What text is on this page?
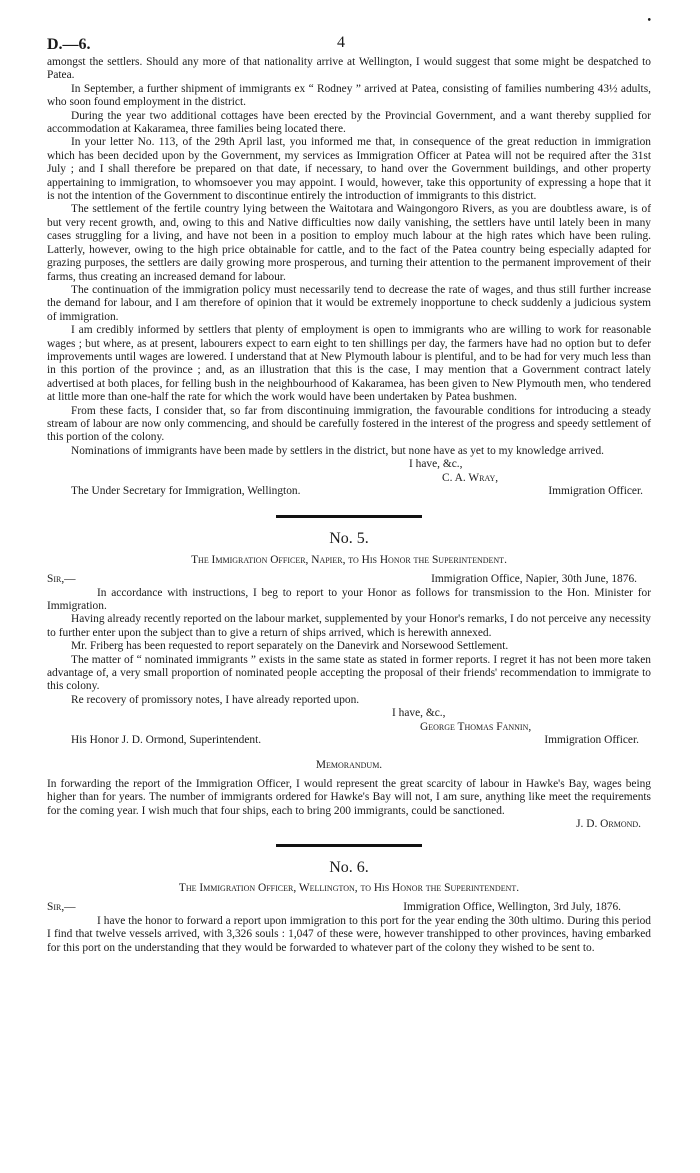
D.—6.	4
•

amongst the settlers. Should any more of that nationality arrive at Wellington, I would suggest that some might be despatched to Patea.

In September, a further shipment of immigrants ex “ Rodney ” arrived at Patea, consisting of families numbering 43½ adults, who soon found employment in the district.

During the year two additional cottages have been erected by the Provincial Government, and a want thereby supplied for accommodation at Kakaramea, three families being located there.

In your letter No. 113, of the 29th April last, you informed me that, in consequence of the great reduction in immigration which has been decided upon by the Government, my services as Immigration Officer at Patea will not be required after the 31st July ; and I shall therefore be prepared on that date, if necessary, to hand over the Government buildings, and other property appertaining to immigration, to whomsoever you may appoint. I would, however, take this opportunity of expressing a hope that it is not the intention of the Government to discontinue entirely the introduction of immigrants to this district.

The settlement of the fertile country lying between the Waitotara and Waingongoro Rivers, as you are doubtless aware, is of but very recent growth, and, owing to this and Native difficulties now daily vanishing, the settlers have until lately been in many cases struggling for a living, and have not been in a position to employ much labour at the high rates which have been ruling. Latterly, however, owing to the high price obtainable for cattle, and to the fact of the Patea country being especially adapted for grazing purposes, the settlers are daily growing more prosperous, and turning their attention to the permanent improvement of their farms, thus creating an increased demand for labour.

The continuation of the immigration policy must necessarily tend to decrease the rate of wages, and thus still further increase the demand for labour, and I am therefore of opinion that it would be extremely inopportune to check suddenly a judicious system of immigration.

I am credibly informed by settlers that plenty of employment is open to immigrants who are willing to work for reasonable wages ; but where, as at present, labourers expect to earn eight to ten shillings per day, the farmers have had no option but to defer improvements until wages are lowered. I understand that at New Plymouth labour is plentiful, and to be had for very much less than in this portion of the province ; and, as an illustration that this is the case, I may mention that a Government contract lately advertised at both places, for felling bush in the neighbourhood of Kakaramea, has been given to New Plymouth men, who tendered at little more than one-half the rate for which the work would have been undertaken by Patea bushmen.

From these facts, I consider that, so far from discontinuing immigration, the favourable conditions for introducing a steady stream of labour are now only commencing, and should be carefully fostered in the interest of the progress and speedy settlement of this portion of the colony.

Nominations of immigrants have been made by settlers in the district, but none have as yet to my knowledge arrived.

I have, &c.,
C. A. Wray,
The Under Secretary for Immigration, Wellington.	Immigration Officer.
No. 5.
The Immigration Officer, Napier, to His Honor the Superintendent.
Sir,—	Immigration Office, Napier, 30th June, 1876.

In accordance with instructions, I beg to report to your Honor as follows for transmission to the Hon. Minister for Immigration.

Having already recently reported on the labour market, supplemented by your Honor's remarks, I do not perceive any necessity to further enter upon the subject than to give a return of ships arrived, which is herewith annexed.

Mr. Friberg has been requested to report separately on the Danevirk and Norsewood Settlement.

The matter of “ nominated immigrants ” exists in the same state as stated in former reports. I regret it has not been more taken advantage of, a very small proportion of nominated people accepting the proposal of their friends' recommendation to immigrate to this colony.

Re recovery of promissory notes, I have already reported upon.

I have, &c.,
George Thomas Fannin,
His Honor J. D. Ormond, Superintendent.	Immigration Officer.
Memorandum.

In forwarding the report of the Immigration Officer, I would represent the great scarcity of labour in Hawke's Bay, wages being higher than for years. The number of immigrants ordered for Hawke's Bay will not, I am sure, anything like meet the requirements for the coming year. I wish much that four ships, each to bring 200 immigrants, could be sanctioned.

J. D. Ormond.
No. 6.
The Immigration Officer, Wellington, to His Honor the Superintendent.
Sir,—	Immigration Office, Wellington, 3rd July, 1876.

I have the honor to forward a report upon immigration to this port for the year ending the 30th ultimo. During this period I find that twelve vessels arrived, with 3,326 souls : 1,047 of these were, however transhipped to other provinces, having embarked for this port on the understanding that they would be forwarded to whatever part of the colony they wished to be sent to.
